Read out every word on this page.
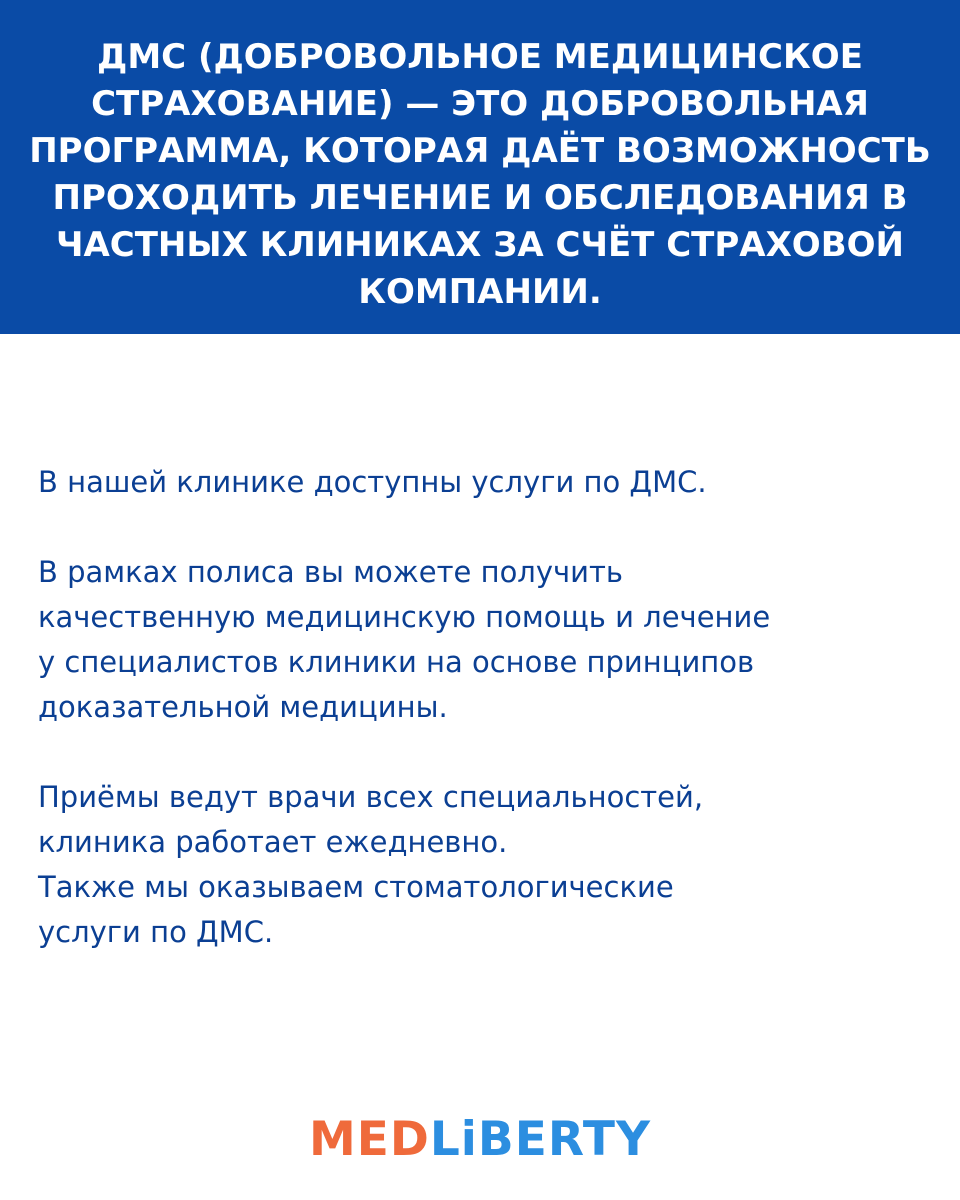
ДМС (ДОБРОВОЛЬНОЕ МЕДИЦИНСКОЕ
СТРАХОВАНИЕ) — ЭТО ДОБРОВОЛЬНАЯ
ПРОГРАММА, КОТОРАЯ ДАЁТ ВОЗМОЖНОСТЬ
ПРОХОДИТЬ ЛЕЧЕНИЕ И ОБСЛЕДОВАНИЯ В
ЧАСТНЫХ КЛИНИКАХ ЗА СЧЁТ СТРАХОВОЙ
КОМПАНИИ.

В нашей клинике доступны услуги по ДМС.

В рамках полиса вы можете получить
качественную медицинскую помощь и лечение
у специалистов клиники на основе принципов
доказательной медицины.

Приёмы ведут врачи всех специальностей,
клиника работает ежедневно.
Также мы оказываем стоматологические
услуги по ДМС.

MEDLiBERTY
